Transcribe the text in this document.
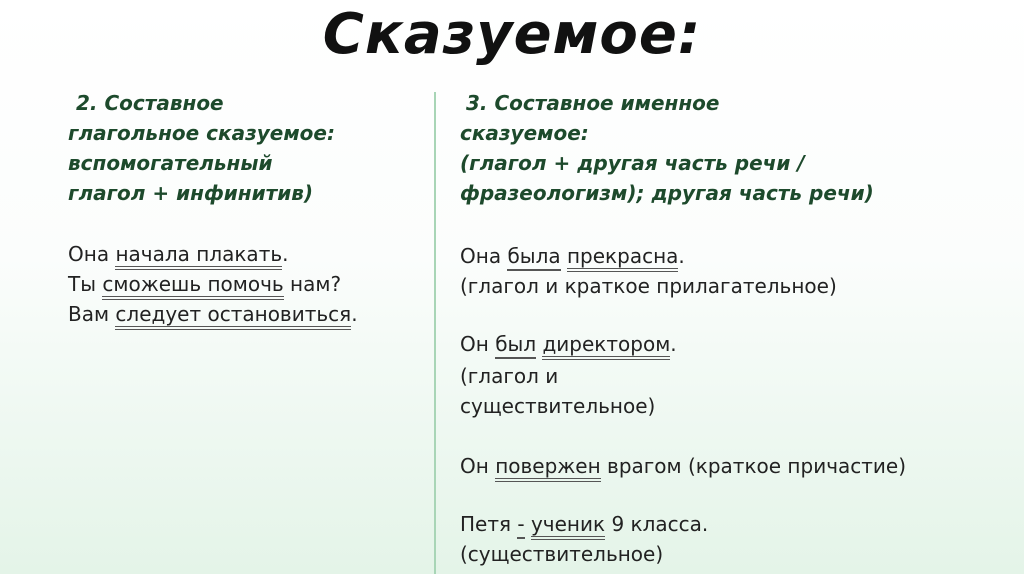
Сказуемое:
2. Составное
глагольное сказуемое:
вспомогательный
глагол + инфинитив)
Она начала плакать.
Ты сможешь помочь нам?
Вам следует остановиться.
3. Составное именное
сказуемое:
(глагол + другая часть речи /
фразеологизм); другая часть речи)
Она была прекрасна.
(глагол и краткое прилагательное)
Он был директором.
(глагол и
существительное)
Он повержен врагом (краткое причастие)
Петя - ученик 9 класса.
(существительное)
